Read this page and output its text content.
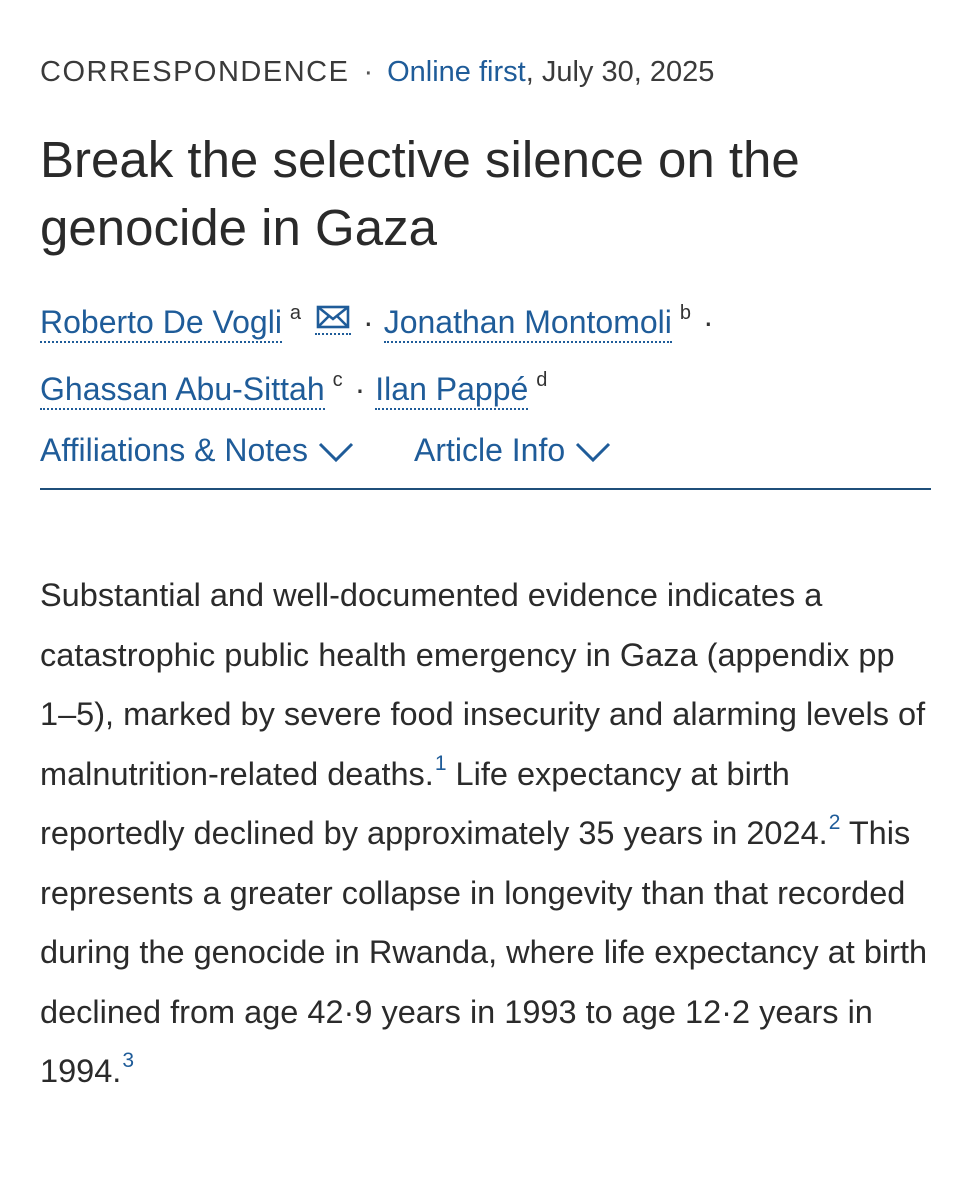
CORRESPONDENCE · Online first, July 30, 2025
Break the selective silence on the genocide in Gaza
Roberto De Vogli $^a$ · Jonathan Montomoli $^b$ ·
Ghassan Abu-Sittah $^c$ · Ilan Pappé $^d$
Affiliations & Notes	Article Info

Substantial and well-documented evidence indicates a catastrophic public health emergency in Gaza (appendix pp 1–5), marked by severe food insecurity and alarming levels of malnutrition-related deaths.$^1$ Life expectancy at birth reportedly declined by approximately 35 years in 2024.$^2$ This represents a greater collapse in longevity than that recorded during the genocide in Rwanda, where life expectancy at birth declined from age 42·9 years in 1993 to age 12·2 years in 1994.$^3$
